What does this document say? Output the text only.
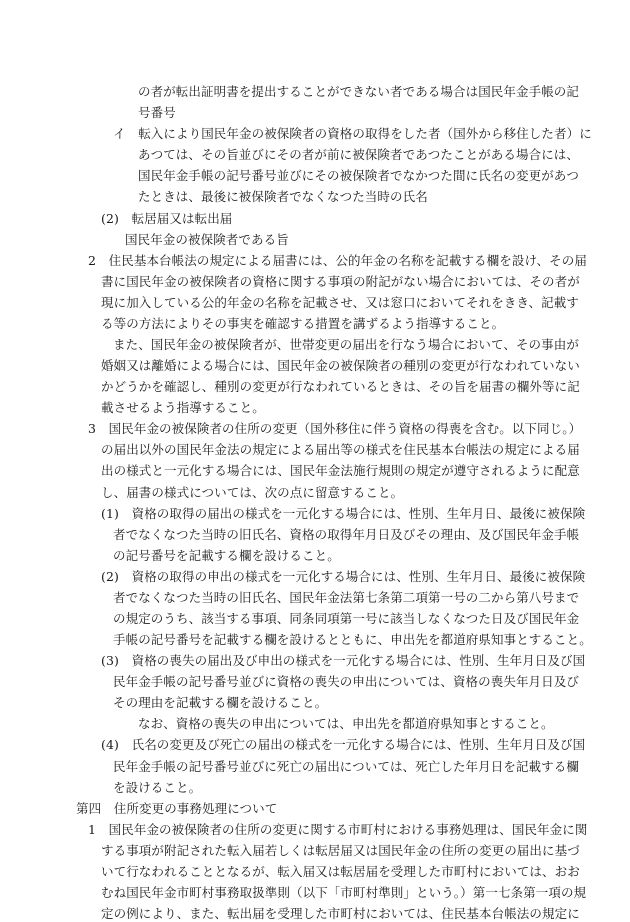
の者が転出証明書を提出することができない者である場合は国民年金手帳の記
号番号
イ　転入により国民年金の被保険者の資格の取得をした者（国外から移住した者）に
あつては、その旨並びにその者が前に被保険者であつたことがある場合には、
国民年金手帳の記号番号並びにその被保険者でなかつた間に氏名の変更があつ
たときは、最後に被保険者でなくなつた当時の氏名
(2)　転居届又は転出届
国民年金の被保険者である旨
2　住民基本台帳法の規定による届書には、公的年金の名称を記載する欄を設け、その届
書に国民年金の被保険者の資格に関する事項の附記がない場合においては、その者が
現に加入している公的年金の名称を記載させ、又は窓口においてそれをきき、記載す
る等の方法によりその事実を確認する措置を講ずるよう指導すること。
また、国民年金の被保険者が、世帯変更の届出を行なう場合において、その事由が
婚姻又は離婚による場合には、国民年金の被保険者の種別の変更が行なわれていない
かどうかを確認し、種別の変更が行なわれているときは、その旨を届書の欄外等に記
載させるよう指導すること。
3　国民年金の被保険者の住所の変更（国外移住に伴う資格の得喪を含む。以下同じ。）
の届出以外の国民年金法の規定による届出等の様式を住民基本台帳法の規定による届
出の様式と一元化する場合には、国民年金法施行規則の規定が遵守されるように配意
し、届書の様式については、次の点に留意すること。
(1)　資格の取得の届出の様式を一元化する場合には、性別、生年月日、最後に被保険
者でなくなつた当時の旧氏名、資格の取得年月日及びその理由、及び国民年金手帳
の記号番号を記載する欄を設けること。
(2)　資格の取得の申出の様式を一元化する場合には、性別、生年月日、最後に被保険
者でなくなつた当時の旧氏名、国民年金法第七条第二項第一号の二から第八号まで
の規定のうち、該当する事項、同条同項第一号に該当しなくなつた日及び国民年金
手帳の記号番号を記載する欄を設けるとともに、申出先を都道府県知事とすること。
(3)　資格の喪失の届出及び申出の様式を一元化する場合には、性別、生年月日及び国
民年金手帳の記号番号並びに資格の喪失の申出については、資格の喪失年月日及び
その理由を記載する欄を設けること。
なお、資格の喪失の申出については、申出先を都道府県知事とすること。
(4)　氏名の変更及び死亡の届出の様式を一元化する場合には、性別、生年月日及び国
民年金手帳の記号番号並びに死亡の届出については、死亡した年月日を記載する欄
を設けること。
第四　住所変更の事務処理について
1　国民年金の被保険者の住所の変更に関する市町村における事務処理は、国民年金に関
する事項が附記された転入届若しくは転居届又は国民年金の住所の変更の届出に基づ
いて行なわれることとなるが、転入届又は転居届を受理した市町村においては、おお
むね国民年金市町村事務取扱準則（以下「市町村準則」という。）第一七条第一項の規
定の例により、また、転出届を受理した市町村においては、住民基本台帳法の規定に
